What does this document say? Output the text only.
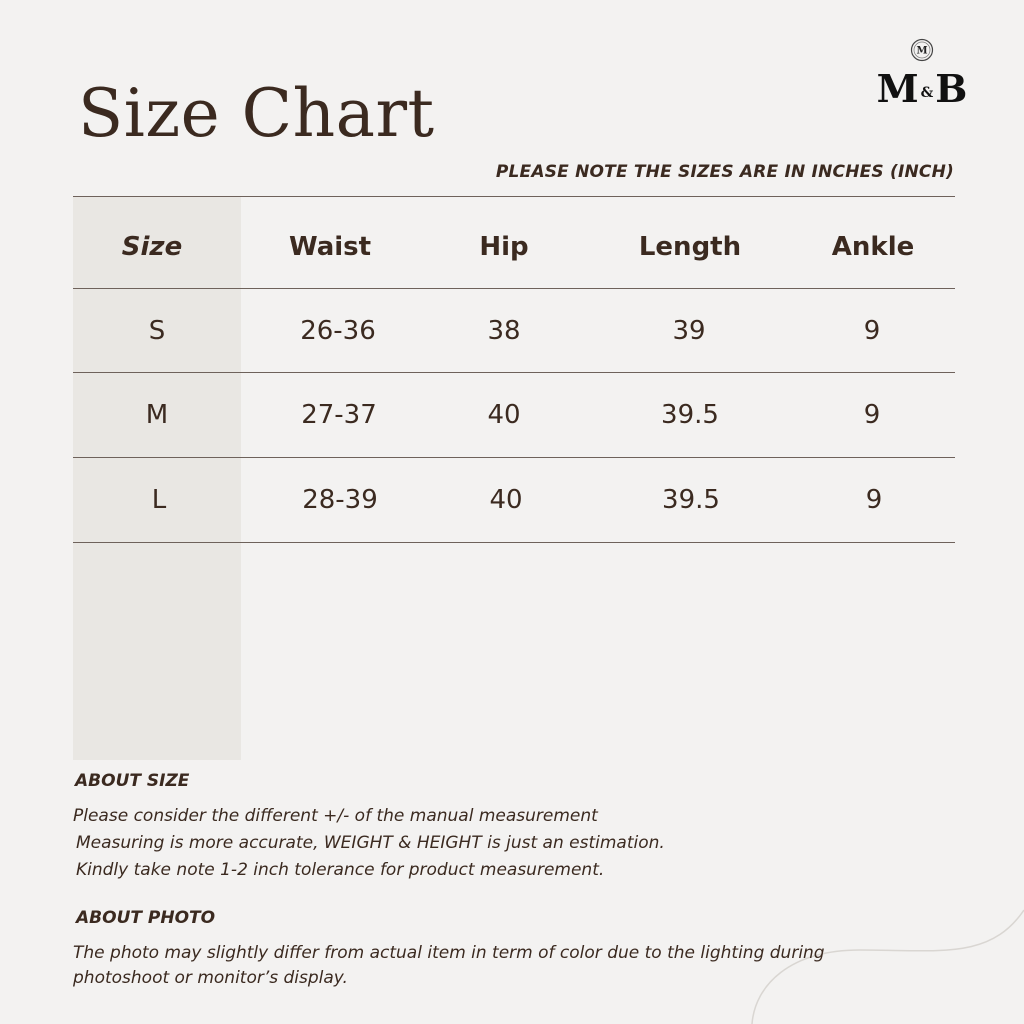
Size Chart
M
M &B
PLEASE NOTE THE SIZES ARE IN INCHES (INCH)
Size	Waist	Hip	Length	Ankle
S	26-36	38	39	9
M	27-37	40	39.5	9
L	28-39	40	39.5	9
ABOUT SIZE
Please consider the different +/- of the manual measurement
Measuring is more accurate, WEIGHT & HEIGHT is just an estimation.
Kindly take note 1-2 inch tolerance for product measurement.
ABOUT PHOTO
The photo may slightly differ from actual item in term of color due to the lighting during
photoshoot or monitor’s display.
